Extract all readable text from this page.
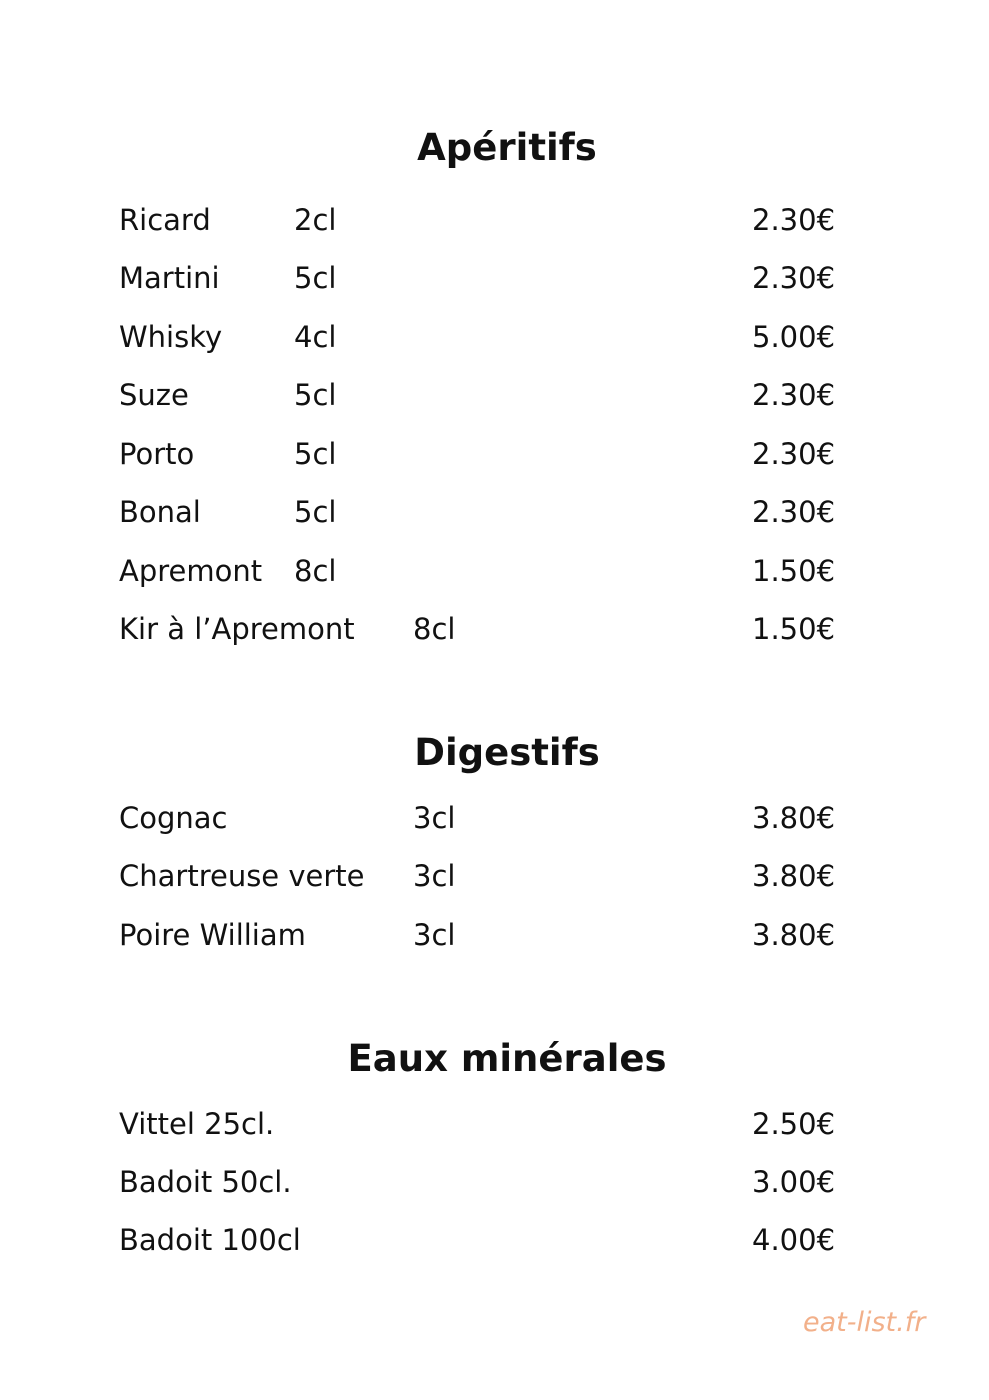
Apéritifs
Ricard	2cl	2.30€
Martini	5cl	2.30€
Whisky 4cl	5.00€
Suze	5cl	2.30€
Porto	5cl	2.30€
Bonal	5cl	2.30€
Apremont 8cl	1.50€
Kir à l’Apremont 8cl	1.50€
Digestifs
Cognac	3cl	3.80€
Chartreuse verte 3cl	3.80€
Poire William	3cl	3.80€
Eaux minérales
Vittel 25cl.	2.50€
Badoit 50cl.	3.00€
Badoit 100cl	4.00€
eat-list.fr
